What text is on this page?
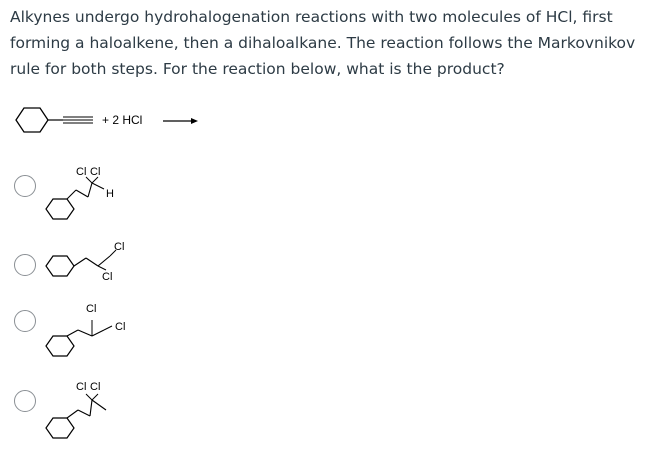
Alkynes undergo hydrohalogenation reactions with two molecules of HCl, first forming a haloalkene, then a dihaloalkane. The reaction follows the Markovnikov rule for both steps. For the reaction below, what is the product?

+ 2 HCl
Cl Cl
H
Cl
Cl
Cl
Cl
Cl Cl
